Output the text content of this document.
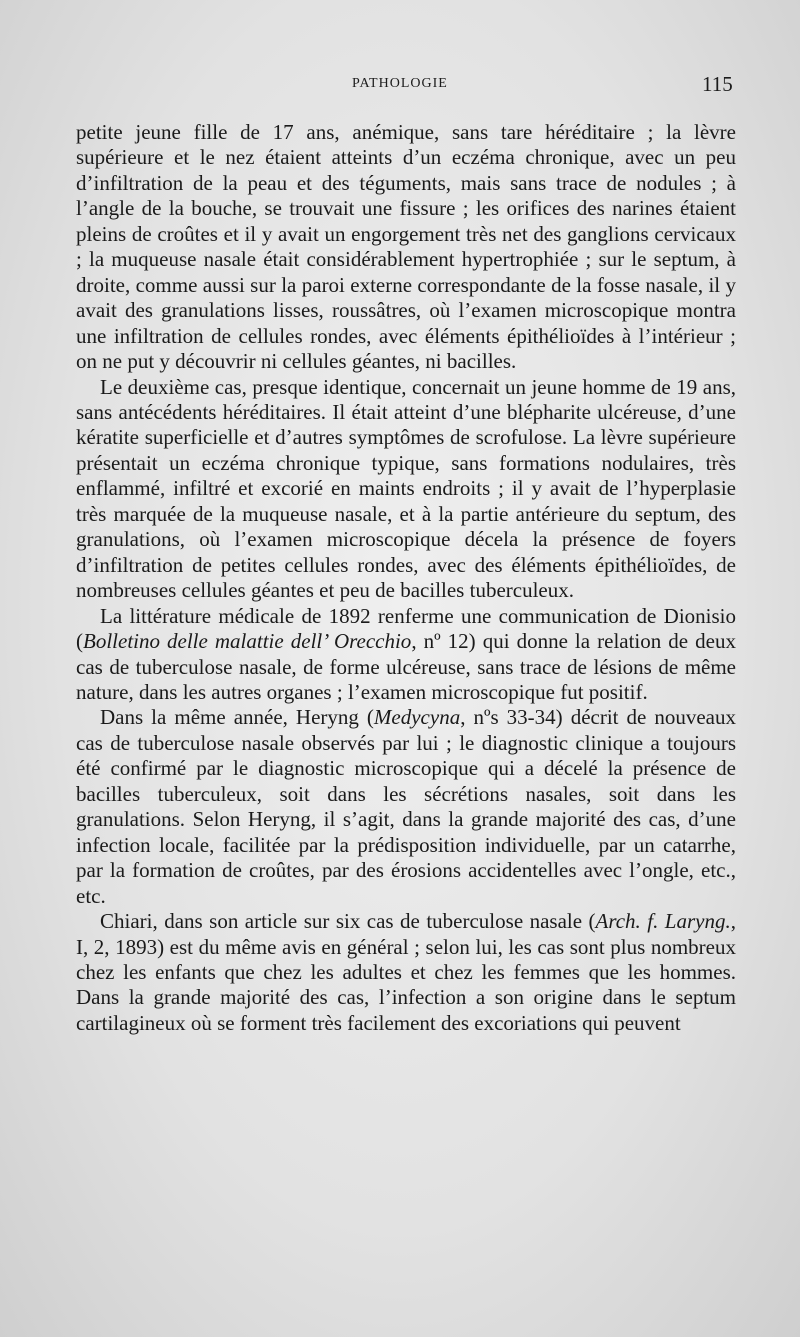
PATHOLOGIE	115

petite jeune fille de 17 ans, anémique, sans tare héréditaire ; la lèvre supérieure et le nez étaient atteints d’un eczéma chronique, avec un peu d’infiltration de la peau et des téguments, mais sans trace de nodules ; à l’angle de la bouche, se trouvait une fissure ; les orifices des narines étaient pleins de croûtes et il y avait un engorgement très net des ganglions cervicaux ; la muqueuse nasale était considérablement hypertrophiée ; sur le septum, à droite, comme aussi sur la paroi externe correspondante de la fosse nasale, il y avait des granulations lisses, roussâtres, où l’examen microscopique montra une infiltration de cellules rondes, avec éléments épithélioïdes à l’intérieur ; on ne put y découvrir ni cellules géantes, ni bacilles.

Le deuxième cas, presque identique, concernait un jeune homme de 19 ans, sans antécédents héréditaires. Il était atteint d’une blépharite ulcéreuse, d’une kératite superficielle et d’autres symptômes de scrofulose. La lèvre supérieure présentait un eczéma chronique typique, sans formations nodulaires, très enflammé, infiltré et excorié en maints endroits ; il y avait de l’hyperplasie très marquée de la muqueuse nasale, et à la partie antérieure du septum, des granulations, où l’examen microscopique décela la présence de foyers d’infiltration de petites cellules rondes, avec des éléments épithélioïdes, de nombreuses cellules géantes et peu de bacilles tuberculeux.

La littérature médicale de 1892 renferme une communication de Dionisio (Bolletino delle malattie dell’ Orecchio, nº 12) qui donne la relation de deux cas de tuberculose nasale, de forme ulcéreuse, sans trace de lésions de même nature, dans les autres organes ; l’examen microscopique fut positif.

Dans la même année, Heryng (Medycyna, nºs 33-34) décrit de nouveaux cas de tuberculose nasale observés par lui ; le diagnostic clinique a toujours été confirmé par le diagnostic microscopique qui a décelé la présence de bacilles tuberculeux, soit dans les sécrétions nasales, soit dans les granulations. Selon Heryng, il s’agit, dans la grande majorité des cas, d’une infection locale, facilitée par la prédisposition individuelle, par un catarrhe, par la formation de croûtes, par des érosions accidentelles avec l’ongle, etc., etc.

Chiari, dans son article sur six cas de tuberculose nasale (Arch. f. Laryng., I, 2, 1893) est du même avis en général ; selon lui, les cas sont plus nombreux chez les enfants que chez les adultes et chez les femmes que les hommes. Dans la grande majorité des cas, l’infection a son origine dans le septum cartilagineux où se forment très facilement des excoriations qui peuvent
